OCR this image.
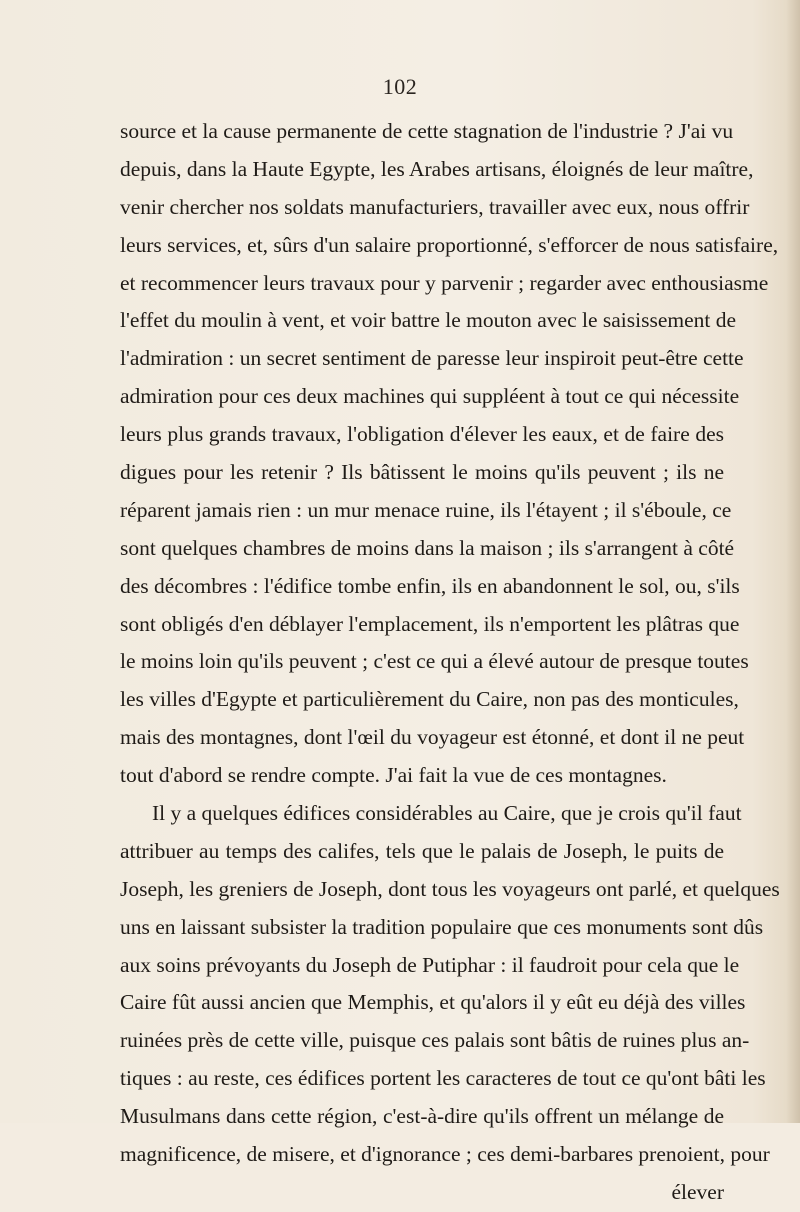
102
source et la cause permanente de cette stagnation de l'industrie ? J'ai vu
depuis, dans la Haute Egypte, les Arabes artisans, éloignés de leur maître,
venir chercher nos soldats manufacturiers, travailler avec eux, nous offrir
leurs services, et, sûrs d'un salaire proportionné, s'efforcer de nous satisfaire,
et recommencer leurs travaux pour y parvenir ; regarder avec enthousiasme
l'effet du moulin à vent, et voir battre le mouton avec le saisissement de
l'admiration : un secret sentiment de paresse leur inspiroit peut-être cette
admiration pour ces deux machines qui suppléent à tout ce qui nécessite
leurs plus grands travaux, l'obligation d'élever les eaux, et de faire des
digues pour les retenir ? Ils bâtissent le moins qu'ils peuvent ; ils ne
réparent jamais rien : un mur menace ruine, ils l'étayent ; il s'éboule, ce
sont quelques chambres de moins dans la maison ; ils s'arrangent à côté
des décombres : l'édifice tombe enfin, ils en abandonnent le sol, ou, s'ils
sont obligés d'en déblayer l'emplacement, ils n'emportent les plâtras que
le moins loin qu'ils peuvent ; c'est ce qui a élevé autour de presque toutes
les villes d'Egypte et particulièrement du Caire, non pas des monticules,
mais des montagnes, dont l'œil du voyageur est étonné, et dont il ne peut
tout d'abord se rendre compte. J'ai fait la vue de ces montagnes.
Il y a quelques édifices considérables au Caire, que je crois qu'il faut
attribuer au temps des califes, tels que le palais de Joseph, le puits de
Joseph, les greniers de Joseph, dont tous les voyageurs ont parlé, et quelques
uns en laissant subsister la tradition populaire que ces monuments sont dûs
aux soins prévoyants du Joseph de Putiphar : il faudroit pour cela que le
Caire fût aussi ancien que Memphis, et qu'alors il y eût eu déjà des villes
ruinées près de cette ville, puisque ces palais sont bâtis de ruines plus an-
tiques : au reste, ces édifices portent les caracteres de tout ce qu'ont bâti les
Musulmans dans cette région, c'est-à-dire qu'ils offrent un mélange de
magnificence, de misere, et d'ignorance ; ces demi-barbares prenoient, pour
élever
